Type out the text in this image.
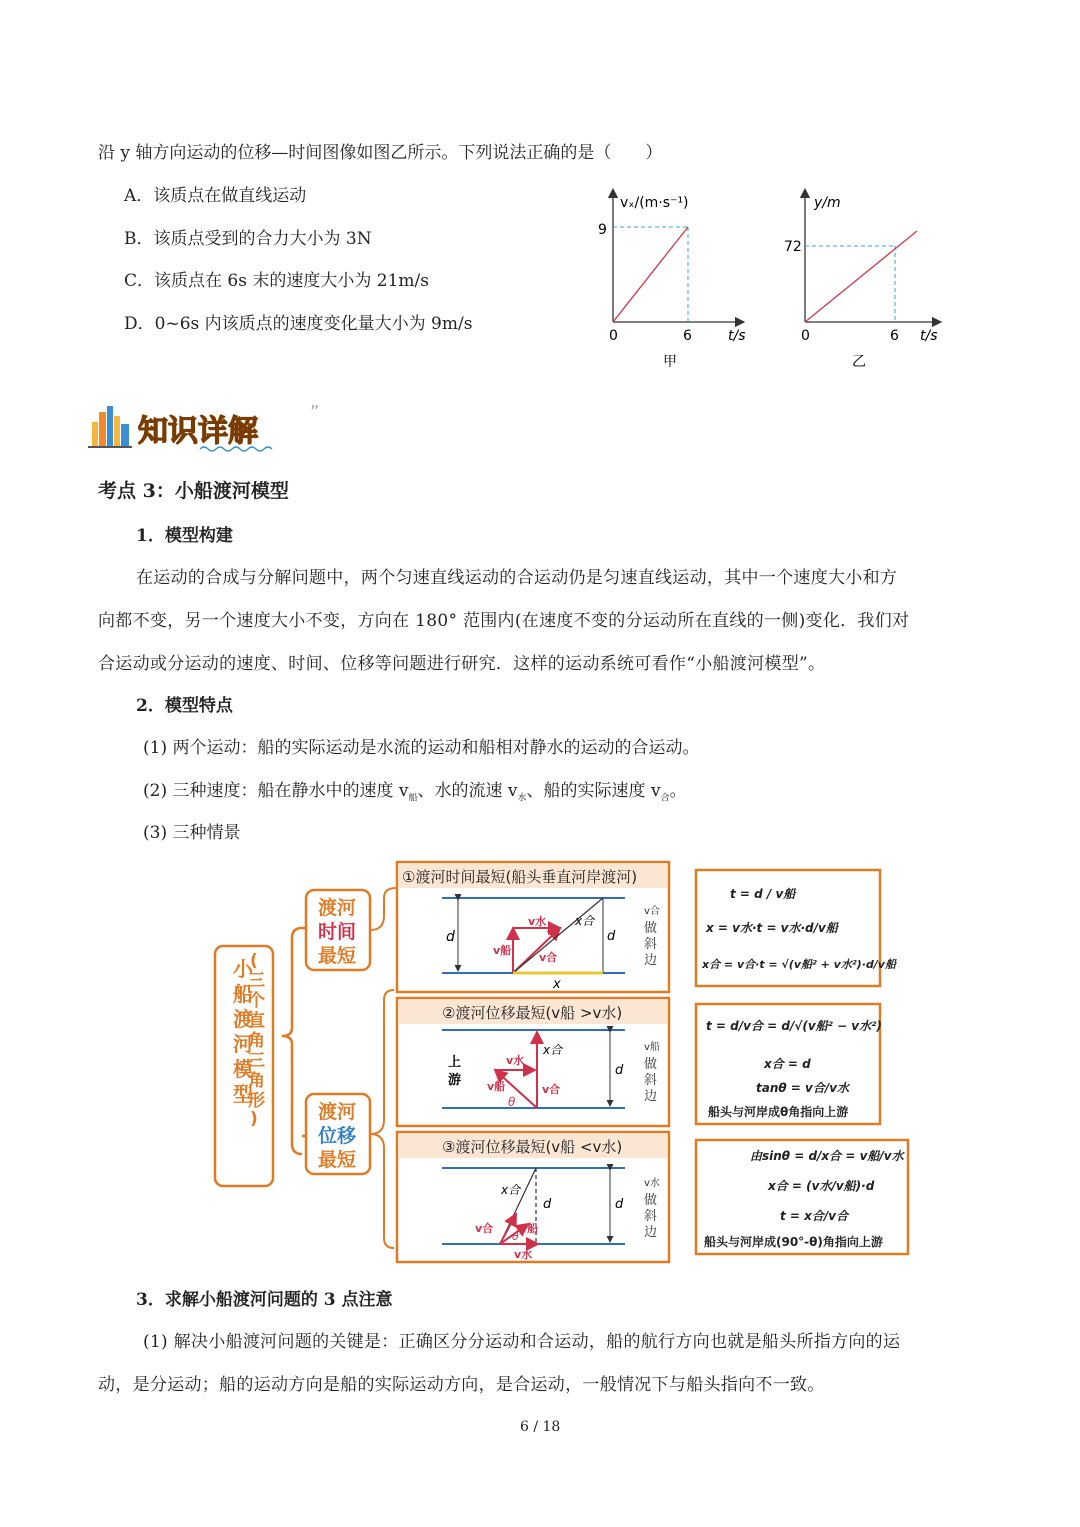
沿 y 轴方向运动的位移—时间图像如图乙所示。下列说法正确的是（　　）
A．该质点在做直线运动
B．该质点受到的合力大小为 3N
C．该质点在 6s 末的速度大小为 21m/s
D．0~6s 内该质点的速度变化量大小为 9m/s
vₓ/(m·s⁻¹)
9
0	6	t/s
甲
y/m
72
0	6 t/s
乙
知识详解
”
考点 3：小船渡河模型
1．模型构建
在运动的合成与分解问题中，两个匀速直线运动的合运动仍是匀速直线运动，其中一个速度大小和方
向都不变，另一个速度大小不变，方向在 180° 范围内(在速度不变的分运动所在直线的一侧)变化．我们对
合运动或分运动的速度、时间、位移等问题进行研究．这样的运动系统可看作“小船渡河模型”。
2．模型特点
(1) 两个运动：船的实际运动是水流的运动和船相对静水的运动的合运动。
(2) 三种速度：船在静水中的速度 $v_船$、水的流速 $v_水$、船的实际速度 $v_合$。
(3) 三种情景
小船渡河模型
(三个直角三角形)
渡河
时间
最短
渡河
位移
最短
①渡河时间最短(船头垂直河岸渡河)
d
v水
v船
v合
x合
d
x
v合 做 斜 边
②渡河位移最短(v船 >v水)
上
游
v水
v船	v合
x合
θ
d
v船 做 斜 边
③渡河位移最短(v船 <v水)
x合
d	d
v合 v船
θ
v水
v水 做 斜 边
t = d / v船 x = v水·t = v水·d/v船 x合 = v合·t = √(v船² + v水²)·d/v船
t = d/v合 = d/√(v船² − v水²) x合 = d tanθ = v合/v水
船头与河岸成θ角指向上游
由sinθ = d/x合 = v船/v水 x合 = (v水/v船)·d t = x合/v合
船头与河岸成(90°-θ)角指向上游
3．求解小船渡河问题的 3 点注意
(1) 解决小船渡河问题的关键是：正确区分分运动和合运动，船的航行方向也就是船头所指方向的运
动，是分运动；船的运动方向是船的实际运动方向，是合运动，一般情况下与船头指向不一致。
6 / 18
